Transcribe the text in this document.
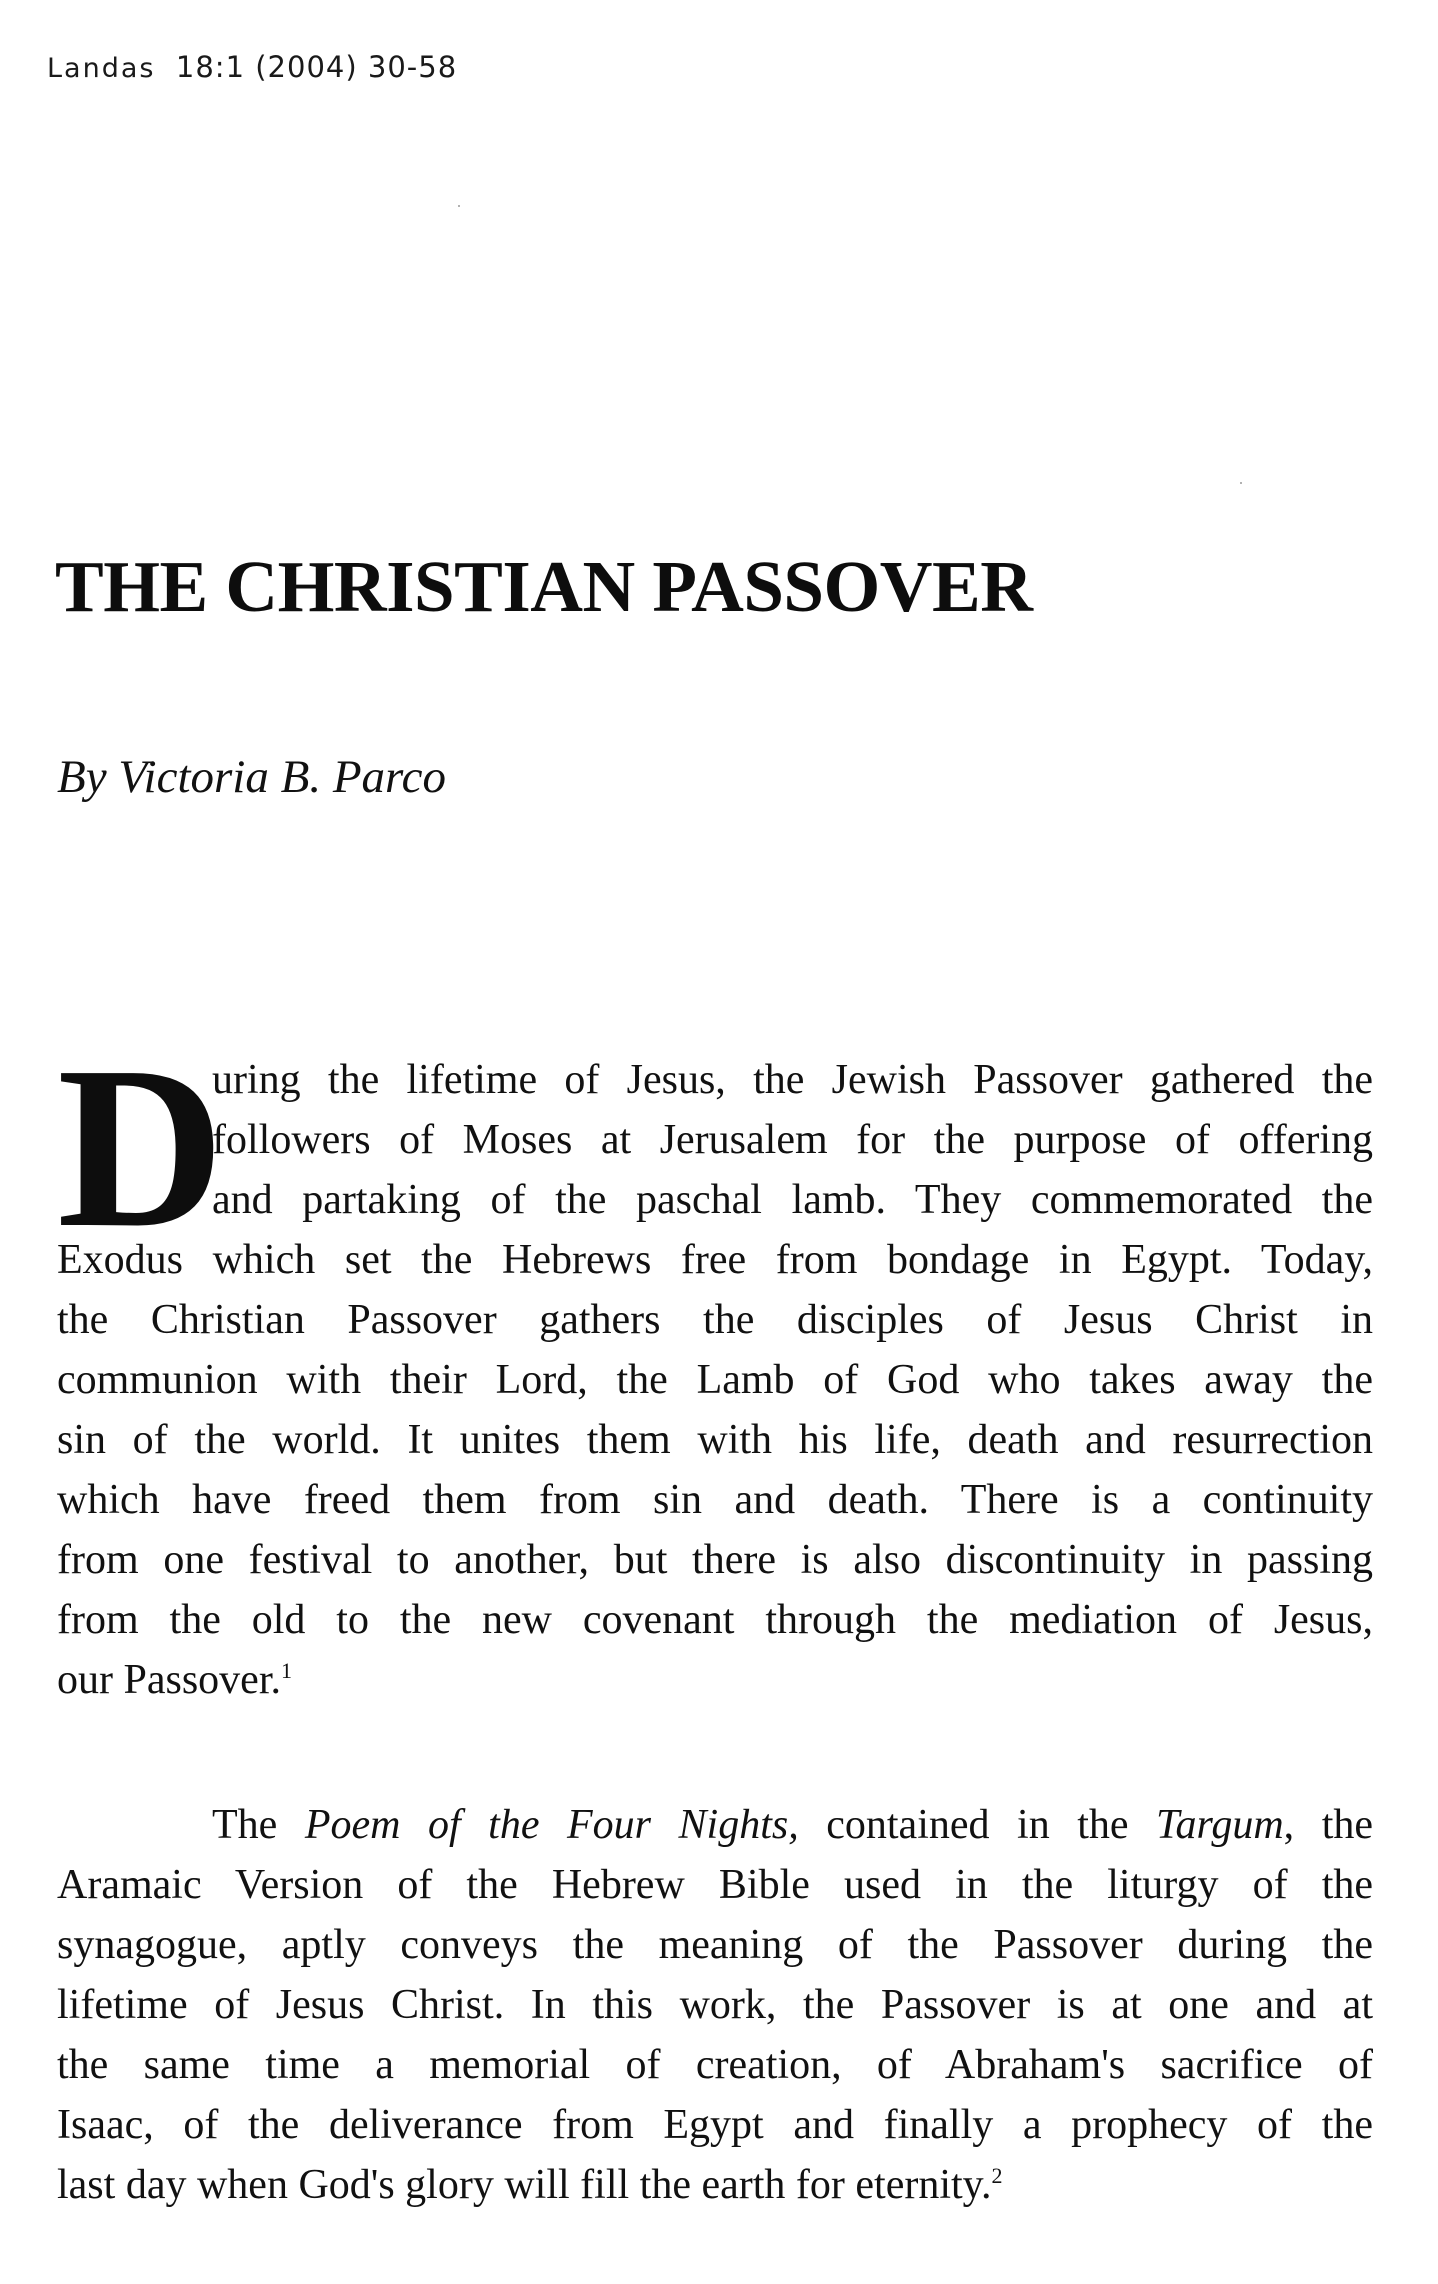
Landas 18:1 (2004) 30-58
THE CHRISTIAN PASSOVER
By Victoria B. Parco
D
uring the lifetime of Jesus, the Jewish Passover gathered the
followers of Moses at Jerusalem for the purpose of offering
and partaking of the paschal lamb. They commemorated the
Exodus which set the Hebrews free from bondage in Egypt. Today,
the Christian Passover gathers the disciples of Jesus Christ in
communion with their Lord, the Lamb of God who takes away the
sin of the world. It unites them with his life, death and resurrection
which have freed them from sin and death. There is a continuity
from one festival to another, but there is also discontinuity in passing
from the old to the new covenant through the mediation of Jesus,
our Passover.$^1$
The Poem of the Four Nights, contained in the Targum, the
Aramaic Version of the Hebrew Bible used in the liturgy of the
synagogue, aptly conveys the meaning of the Passover during the
lifetime of Jesus Christ. In this work, the Passover is at one and at
the same time a memorial of creation, of Abraham's sacrifice of
Isaac, of the deliverance from Egypt and finally a prophecy of the
last day when God's glory will fill the earth for eternity.$^2$
